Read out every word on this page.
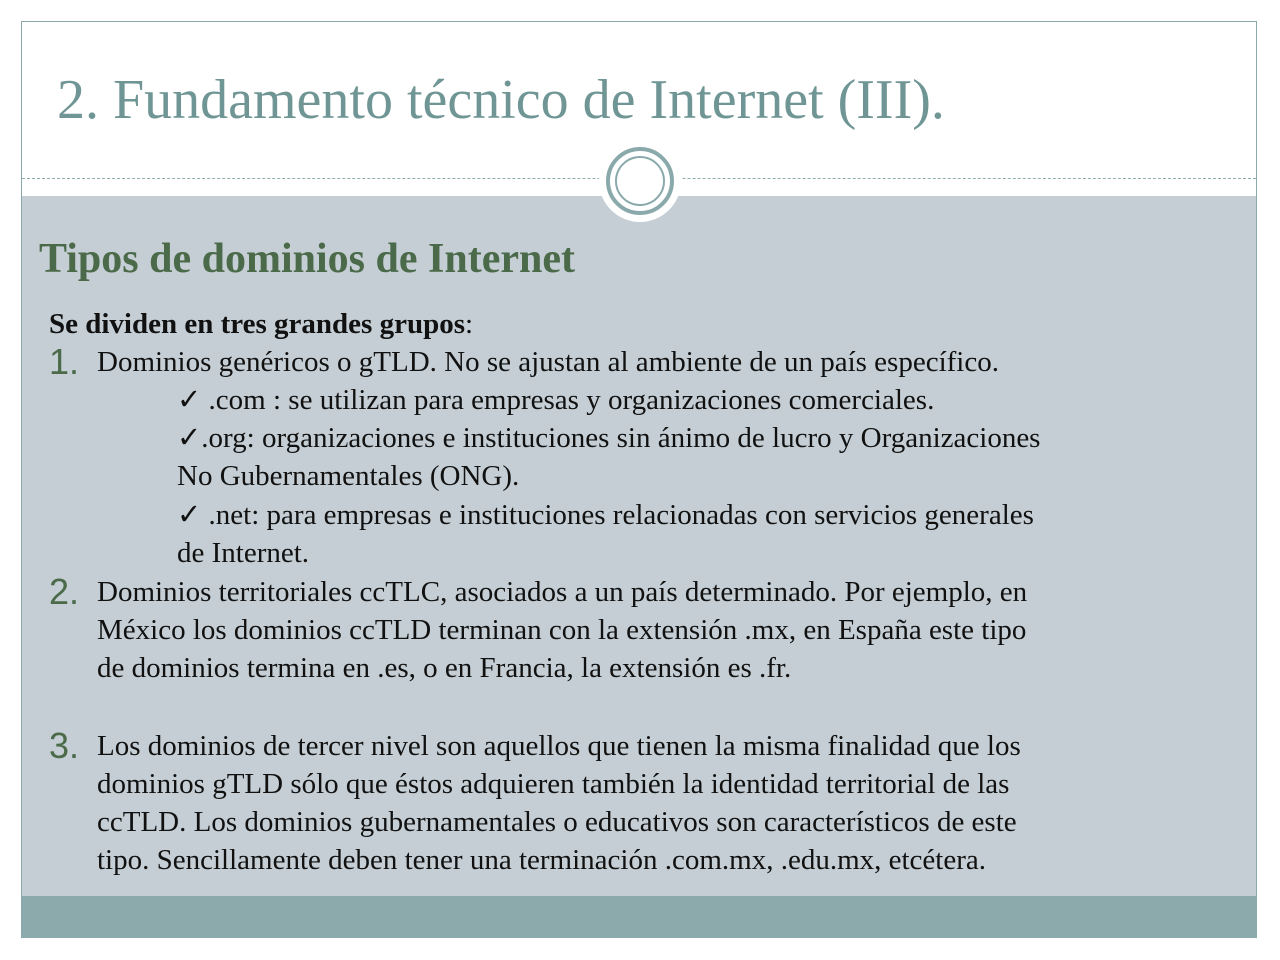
2. Fundamento técnico de Internet (III).
Tipos de dominios de Internet
Se dividen en tres grandes grupos:
1. Dominios genéricos o gTLD. No se ajustan al ambiente de un país específico.
✓ .com : se utilizan para empresas y organizaciones comerciales.
✓.org: organizaciones e instituciones sin ánimo de lucro y Organizaciones
No Gubernamentales (ONG).
✓ .net: para empresas e instituciones relacionadas con servicios generales
de Internet.
2. Dominios territoriales ccTLC, asociados a un país determinado. Por ejemplo, en
México los dominios ccTLD terminan con la extensión .mx, en España este tipo
de dominios termina en .es, o en Francia, la extensión es .fr.
3. Los dominios de tercer nivel son aquellos que tienen la misma finalidad que los
dominios gTLD sólo que éstos adquieren también la identidad territorial de las
ccTLD. Los dominios gubernamentales o educativos son característicos de este
tipo. Sencillamente deben tener una terminación .com.mx, .edu.mx, etcétera.
